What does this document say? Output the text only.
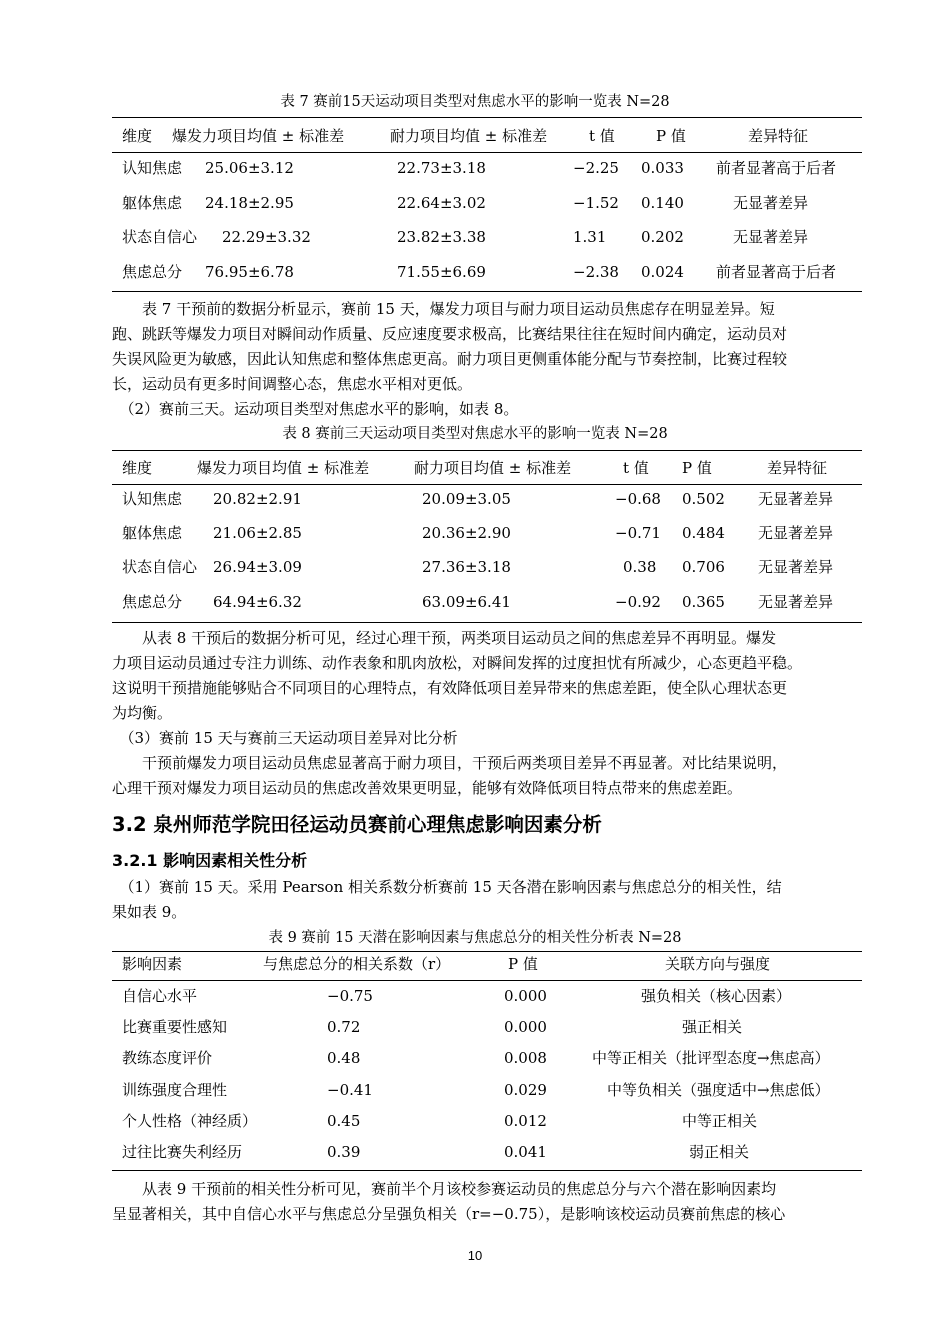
表 7 赛前15天运动项目类型对焦虑水平的影响一览表 N=28
维度 爆发力项目均值 ± 标准差	耐力项目均值 ± 标准差	t 值	P 值	差异特征
认知焦虑 25.06±3.12	22.73±3.18	−2.25 0.033 前者显著高于后者
躯体焦虑 24.18±2.95	22.64±3.02	−1.52 0.140	无显著差异
状态自信心 22.29±3.32	23.82±3.38	1.31 0.202	无显著差异
焦虑总分 76.95±6.78	71.55±6.69	−2.38 0.024 前者显著高于后者
　　表 7 干预前的数据分析显示，赛前 15 天，爆发力项目与耐力项目运动员焦虑存在明显差异。短
跑、跳跃等爆发力项目对瞬间动作质量、反应速度要求极高，比赛结果往往在短时间内确定，运动员对
失误风险更为敏感，因此认知焦虑和整体焦虑更高。耐力项目更侧重体能分配与节奏控制，比赛过程较
长，运动员有更多时间调整心态，焦虑水平相对更低。
　（2）赛前三天。运动项目类型对焦虑水平的影响，如表 8。
表 8 赛前三天运动项目类型对焦虑水平的影响一览表 N=28
维度	爆发力项目均值 ± 标准差	耐力项目均值 ± 标准差	t 值 P 值	差异特征
认知焦虑 20.82±2.91	20.09±3.05	−0.68 0.502 无显著差异
躯体焦虑 21.06±2.85	20.36±2.90	−0.71 0.484 无显著差异
状态自信心 26.94±3.09	27.36±3.18	0.38 0.706 无显著差异
焦虑总分 64.94±6.32	63.09±6.41	−0.92 0.365 无显著差异
　　从表 8 干预后的数据分析可见，经过心理干预，两类项目运动员之间的焦虑差异不再明显。爆发
力项目运动员通过专注力训练、动作表象和肌肉放松，对瞬间发挥的过度担忧有所减少，心态更趋平稳。
这说明干预措施能够贴合不同项目的心理特点，有效降低项目差异带来的焦虑差距，使全队心理状态更
为均衡。
　（3）赛前 15 天与赛前三天运动项目差异对比分析
　　干预前爆发力项目运动员焦虑显著高于耐力项目，干预后两类项目差异不再显著。对比结果说明，
心理干预对爆发力项目运动员的焦虑改善效果更明显，能够有效降低项目特点带来的焦虑差距。
3.2 泉州师范学院田径运动员赛前心理焦虑影响因素分析
3.2.1 影响因素相关性分析
　（1）赛前 15 天。采用 Pearson 相关系数分析赛前 15 天各潜在影响因素与焦虑总分的相关性，结
果如表 9。
表 9 赛前 15 天潜在影响因素与焦虑总分的相关性分析表 N=28
影响因素	与焦虑总分的相关系数（r）	P 值	关联方向与强度
自信心水平	−0.75	0.000	强负相关（核心因素）
比赛重要性感知	0.72	0.000	强正相关
教练态度评价	0.48	0.008	中等正相关（批评型态度→焦虑高）
训练强度合理性	−0.41	0.029	中等负相关（强度适中→焦虑低）
个人性格（神经质）	0.45	0.012	中等正相关
过往比赛失利经历	0.39	0.041	弱正相关
　　从表 9 干预前的相关性分析可见，赛前半个月该校参赛运动员的焦虑总分与六个潜在影响因素均
呈显著相关，其中自信心水平与焦虑总分呈强负相关（r=−0.75），是影响该校运动员赛前焦虑的核心
10
